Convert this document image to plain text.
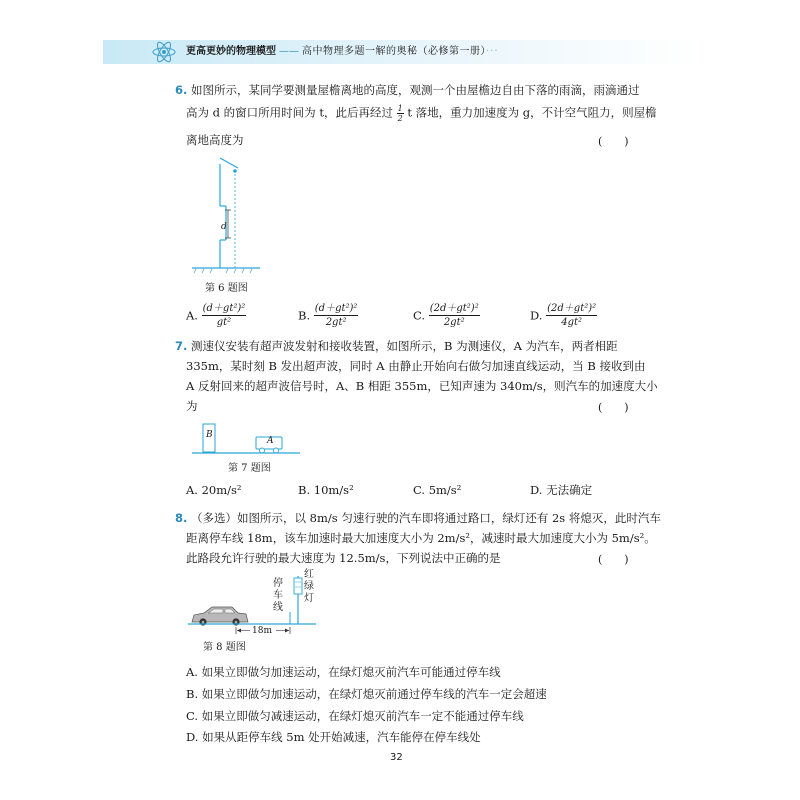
更高更妙的物理模型 —— 高中物理多题一解的奥秘（必修第一册）···
6. 如图所示，某同学要测量屋檐离地的高度，观测一个由屋檐边自由下落的雨滴，雨滴通过
高为 d 的窗口所用时间为 t，此后再经过 $\frac{1}{2}$ t 落地，重力加速度为 g，不计空气阻力，则屋檐
离地高度为	(　　)
d
第 6 题图
A. $\frac{\text{(d＋gt²)²}}{\text{gt²}}$	B. $\frac{\text{(d＋gt²)²}}{\text{2gt²}}$	C. $\frac{\text{(2d＋gt²)²}}{\text{2gt²}}$	D. $\frac{\text{(2d＋gt²)²}}{\text{4gt²}}$
7. 测速仪安装有超声波发射和接收装置，如图所示，B 为测速仪，A 为汽车，两者相距
335m，某时刻 B 发出超声波，同时 A 由静止开始向右做匀加速直线运动，当 B 接收到由
A 反射回来的超声波信号时，A、B 相距 355m，已知声速为 340m/s，则汽车的加速度大小
为	(　　)
B
A
第 7 题图
A. 20m/s²	B. 10m/s²	C. 5m/s²	D. 无法确定
8. （多选）如图所示，以 8m/s 匀速行驶的汽车即将通过路口，绿灯还有 2s 将熄灭，此时汽车
距离停车线 18m，该车加速时最大加速度大小为 2m/s²，减速时最大加速度大小为 5m/s²。
此路段允许行驶的最大速度为 12.5m/s，下列说法中正确的是	(　　)
停
车
线
红
绿
灯
18m
第 8 题图
A. 如果立即做匀加速运动，在绿灯熄灭前汽车可能通过停车线
B. 如果立即做匀加速运动，在绿灯熄灭前通过停车线的汽车一定会超速
C. 如果立即做匀减速运动，在绿灯熄灭前汽车一定不能通过停车线
D. 如果从距停车线 5m 处开始减速，汽车能停在停车线处
32
